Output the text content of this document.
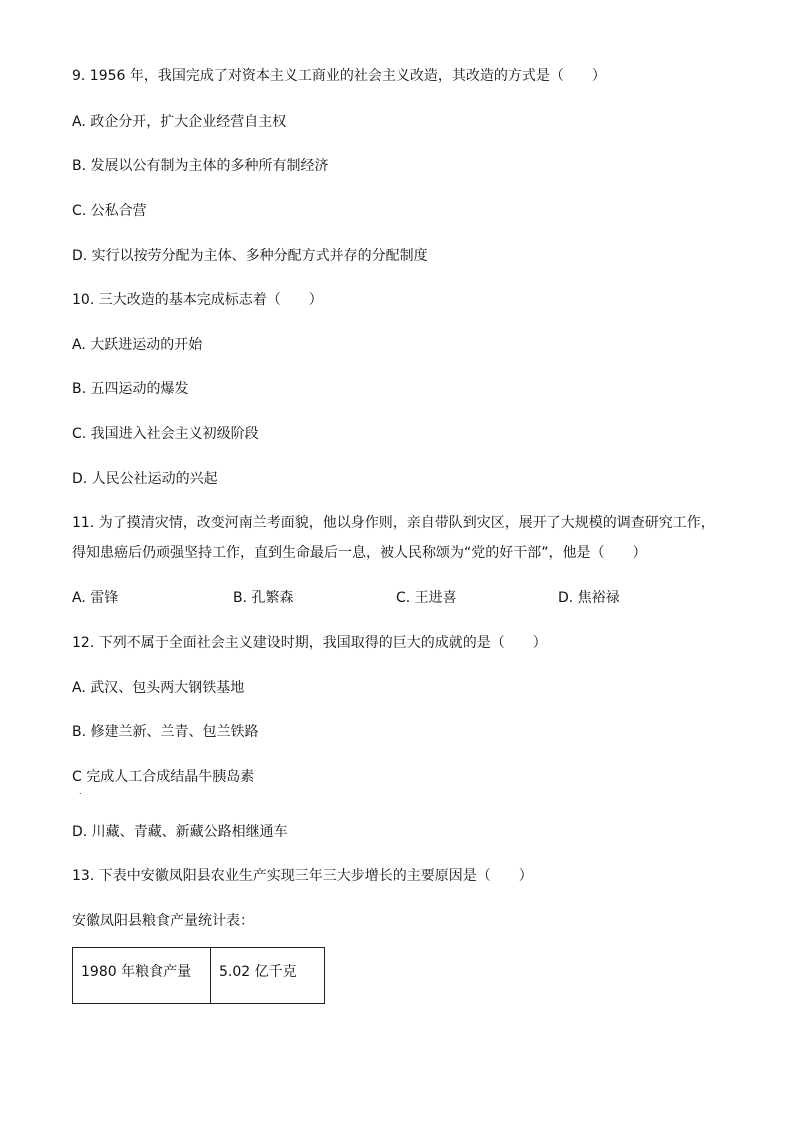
9. 1956 年，我国完成了对资本主义工商业的社会主义改造，其改造的方式是（　　）
A. 政企分开，扩大企业经营自主权
B. 发展以公有制为主体的多种所有制经济
C. 公私合营
D. 实行以按劳分配为主体、多种分配方式并存的分配制度
10. 三大改造的基本完成标志着（　　）
A. 大跃进运动的开始
B. 五四运动的爆发
C. 我国进入社会主义初级阶段
D. 人民公社运动的兴起
11. 为了摸清灾情，改变河南兰考面貌，他以身作则，亲自带队到灾区，展开了大规模的调查研究工作，
得知患癌后仍顽强坚持工作，直到生命最后一息，被人民称颂为“党的好干部”，他是（　　）
A. 雷锋	B. 孔繁森	C. 王进喜	D. 焦裕禄
12. 下列不属于全面社会主义建设时期，我国取得的巨大的成就的是（　　）
A. 武汉、包头两大钢铁基地
B. 修建兰新、兰青、包兰铁路
C 完成人工合成结晶牛胰岛素
.
D. 川藏、青藏、新藏公路相继通车
13. 下表中安徽凤阳县农业生产实现三年三大步增长的主要原因是（　　）
安徽凤阳县粮食产量统计表：
1980 年粮食产量	5.02 亿千克
